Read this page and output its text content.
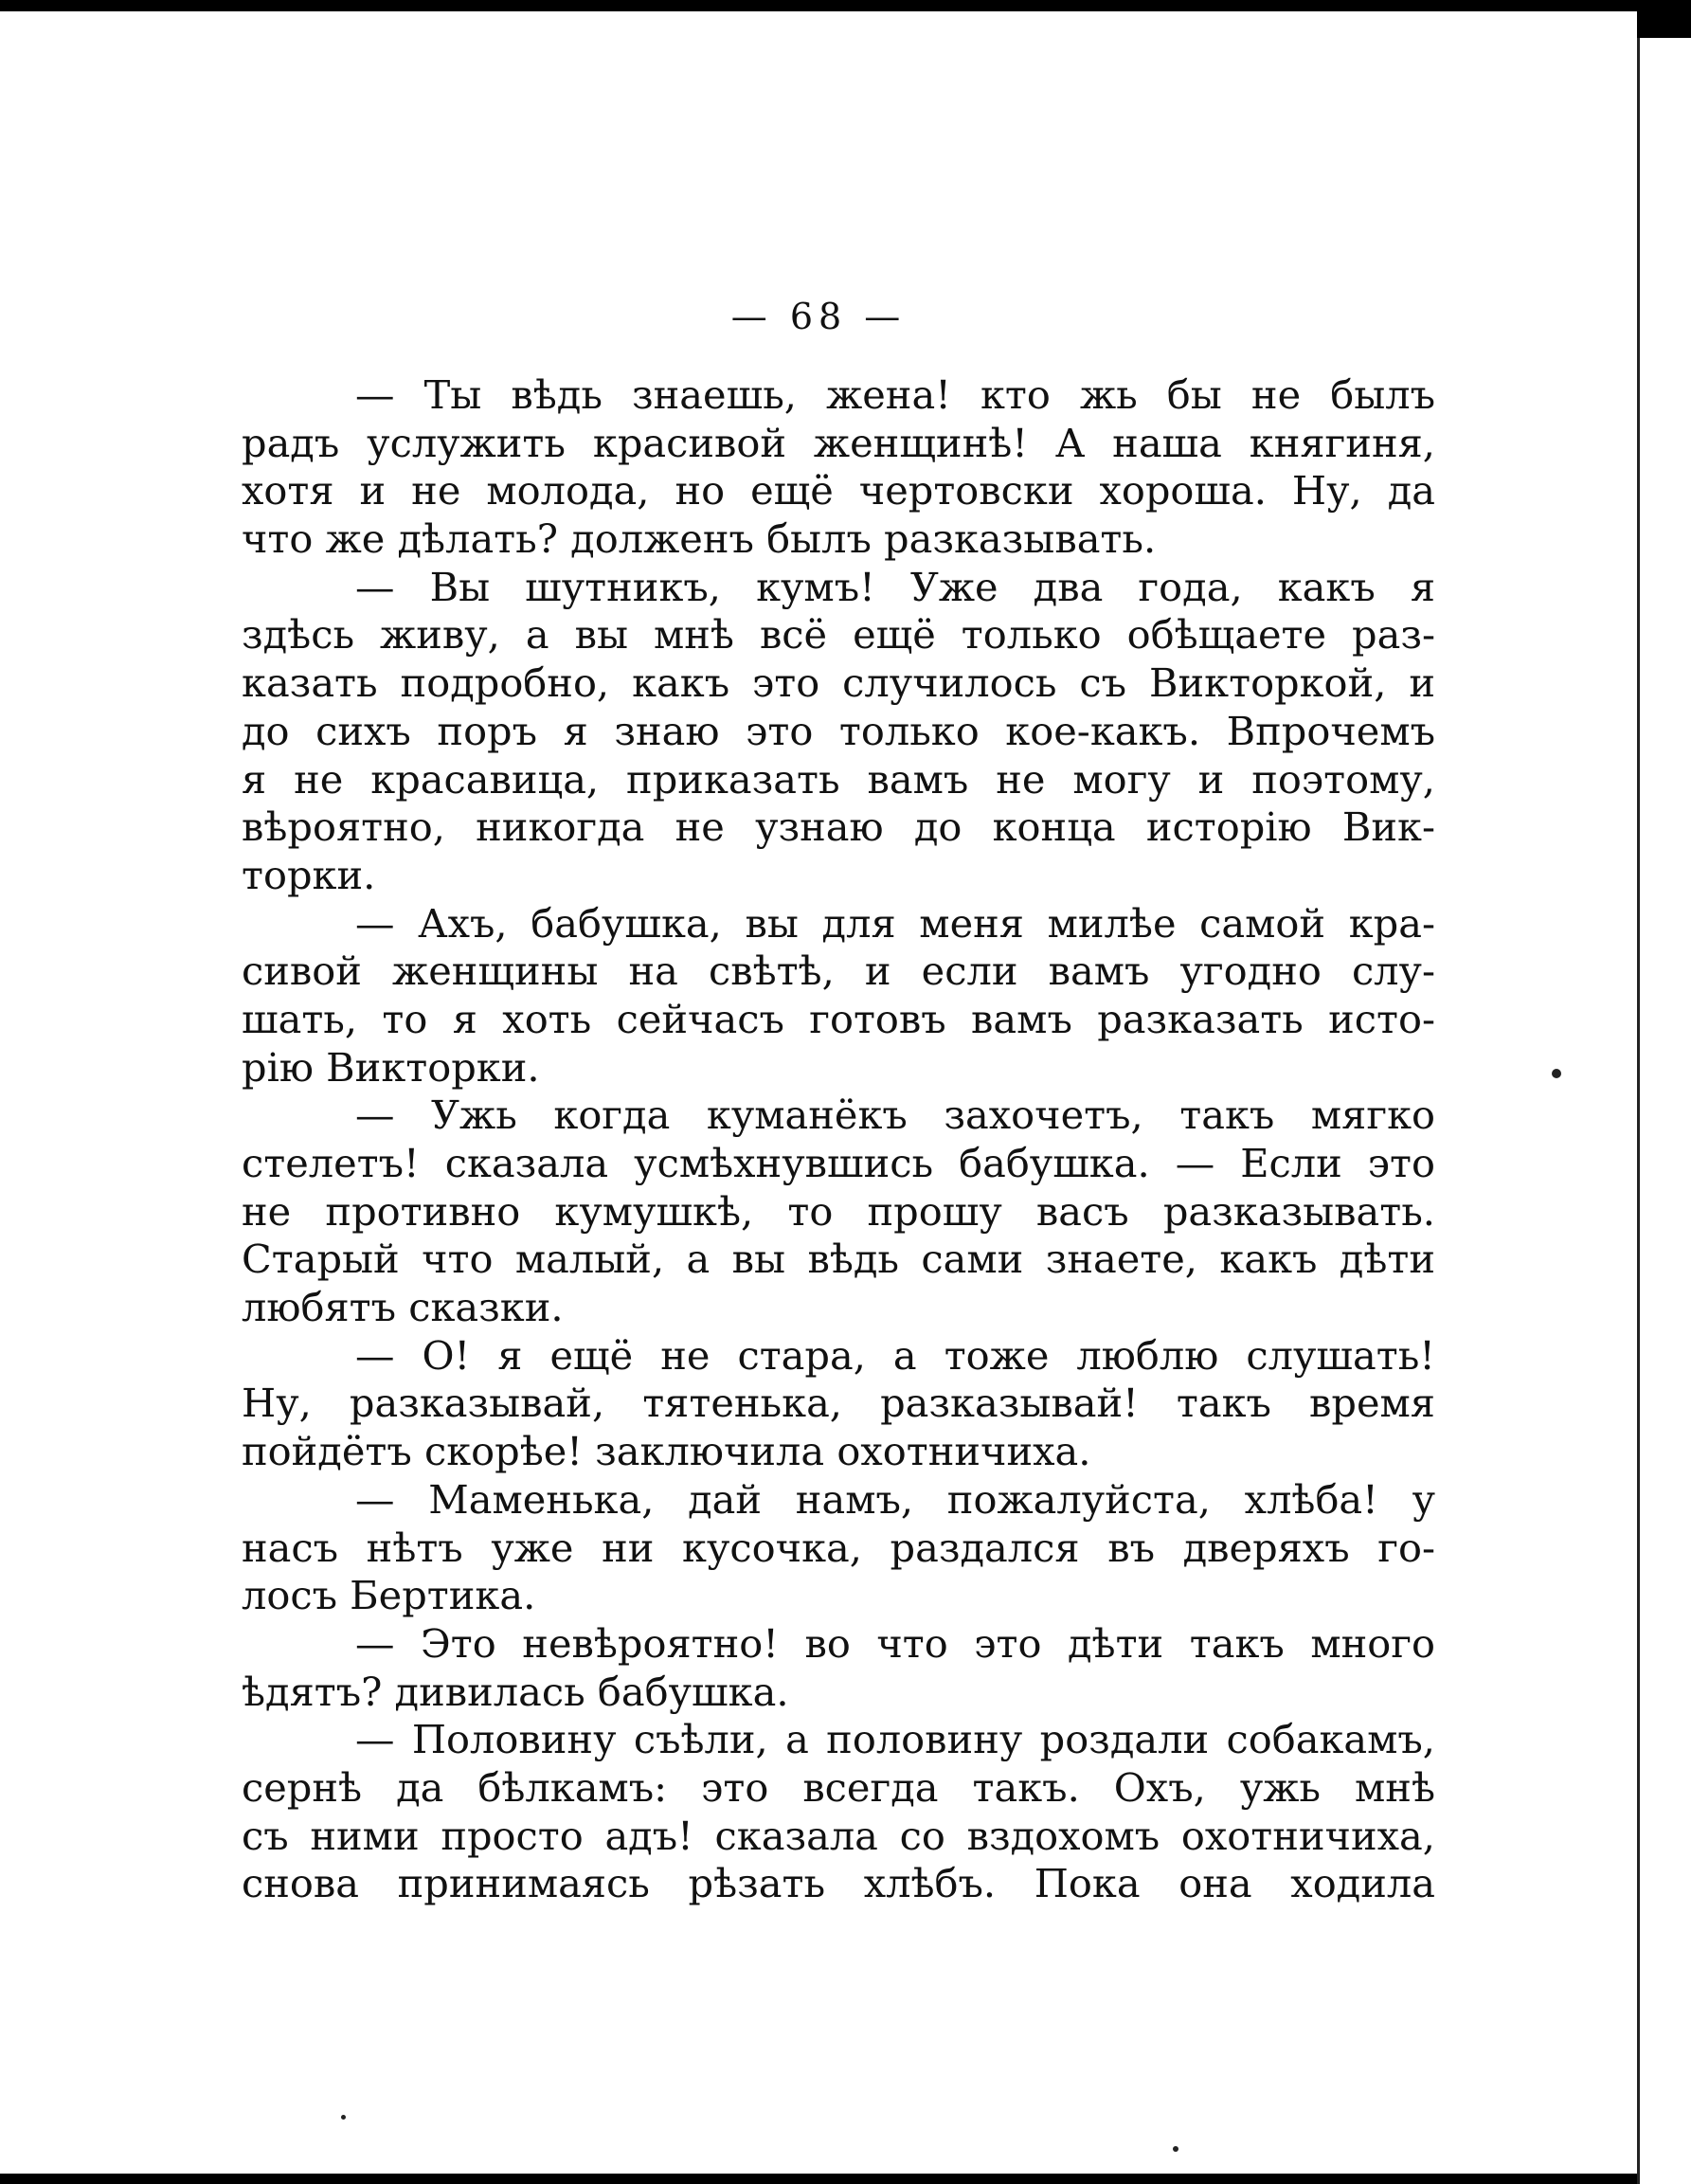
— 68 —
— Ты вѣдь знаешь, жена! кто жь бы не былъ
радъ услужить красивой женщинѣ! А наша княгиня,
хотя и не молода, но ещё чертовски хороша. Ну, да
что же дѣлать? долженъ былъ разказывать.
— Вы шутникъ, кумъ! Уже два года, какъ я
здѣсь живу, а вы мнѣ всё ещё только обѣщаете раз-
казать подробно, какъ это случилось съ Викторкой, и
до сихъ поръ я знаю это только кое-какъ. Впрочемъ
я не красавица, приказать вамъ не могу и поэтому,
вѣроятно, никогда не узнаю до конца исторію Вик-
торки.
— Ахъ, бабушка, вы для меня милѣе самой кра-
сивой женщины на свѣтѣ, и если вамъ угодно слу-
шать, то я хоть сейчасъ готовъ вамъ разказать исто-
рію Викторки.
— Ужь когда куманёкъ захочетъ, такъ мягко
стелетъ! сказала усмѣхнувшись бабушка. — Если это
не противно кумушкѣ, то прошу васъ разказывать.
Старый что малый, а вы вѣдь сами знаете, какъ дѣти
любятъ сказки.
— О! я ещё не стара, а тоже люблю слушать!
Ну, разказывай, тятенька, разказывай! такъ время
пойдётъ скорѣе! заключила охотничиха.
— Маменька, дай намъ, пожалуйста, хлѣба! у
насъ нѣтъ уже ни кусочка, раздался въ дверяхъ го-
лосъ Бертика.
— Это невѣроятно! во что это дѣти такъ много
ѣдятъ? дивилась бабушка.
— Половину съѣли, а половину роздали собакамъ,
сернѣ да бѣлкамъ: это всегда такъ. Охъ, ужь мнѣ
съ ними просто адъ! сказала со вздохомъ охотничиха,
снова принимаясь рѣзать хлѣбъ. Пока она ходила
